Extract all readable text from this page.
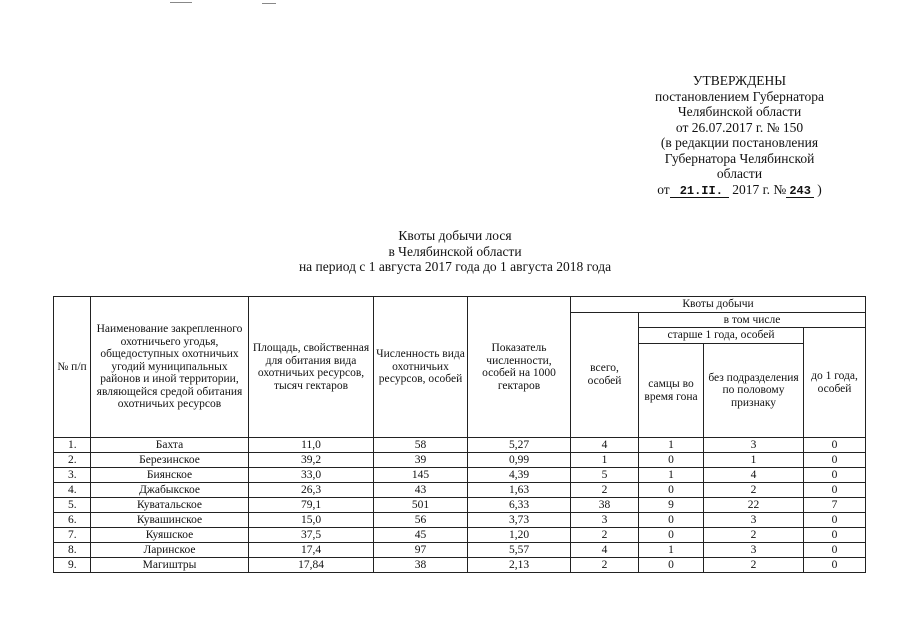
УТВЕРЖДЕНЫ
постановлением Губернатора
Челябинской области
от 26.07.2017 г. № 150
(в редакции постановления
Губернатора Челябинской
области
от 21.II. 2017 г. № 243 )
Квоты добычи лося
в Челябинской области
на период с 1 августа 2017 года до 1 августа 2018 года
№ п/п	Наименование закрепленного охотничьего угодья, общедоступных охотничьих угодий муниципальных районов и иной территории, являющейся средой обитания охотничьих ресурсов	Площадь, свойственная для обитания вида охотничьих ресурсов, тысяч гектаров	Численность вида охотничьих ресурсов, особей	Показатель численности, особей на 1000 гектаров	Квоты добычи			
					всего, особей	в том числе		
						старше 1 года, особей		до 1 года, особей
						самцы во время гона	без подразделения по половому признаку	
1.	Бахта	11,0	58	5,27	4	1	3	0
2.	Березинское	39,2	39	0,99	1	0	1	0
3.	Биянское	33,0	145	4,39	5	1	4	0
4.	Джабыкское	26,3	43	1,63	2	0	2	0
5.	Куватальское	79,1	501	6,33	38	9	22	7
6.	Кувашинское	15,0	56	3,73	3	0	3	0
7.	Куяшское	37,5	45	1,20	2	0	2	0
8.	Ларинское	17,4	97	5,57	4	1	3	0
9.	Магиштры	17,84	38	2,13	2	0	2	0
